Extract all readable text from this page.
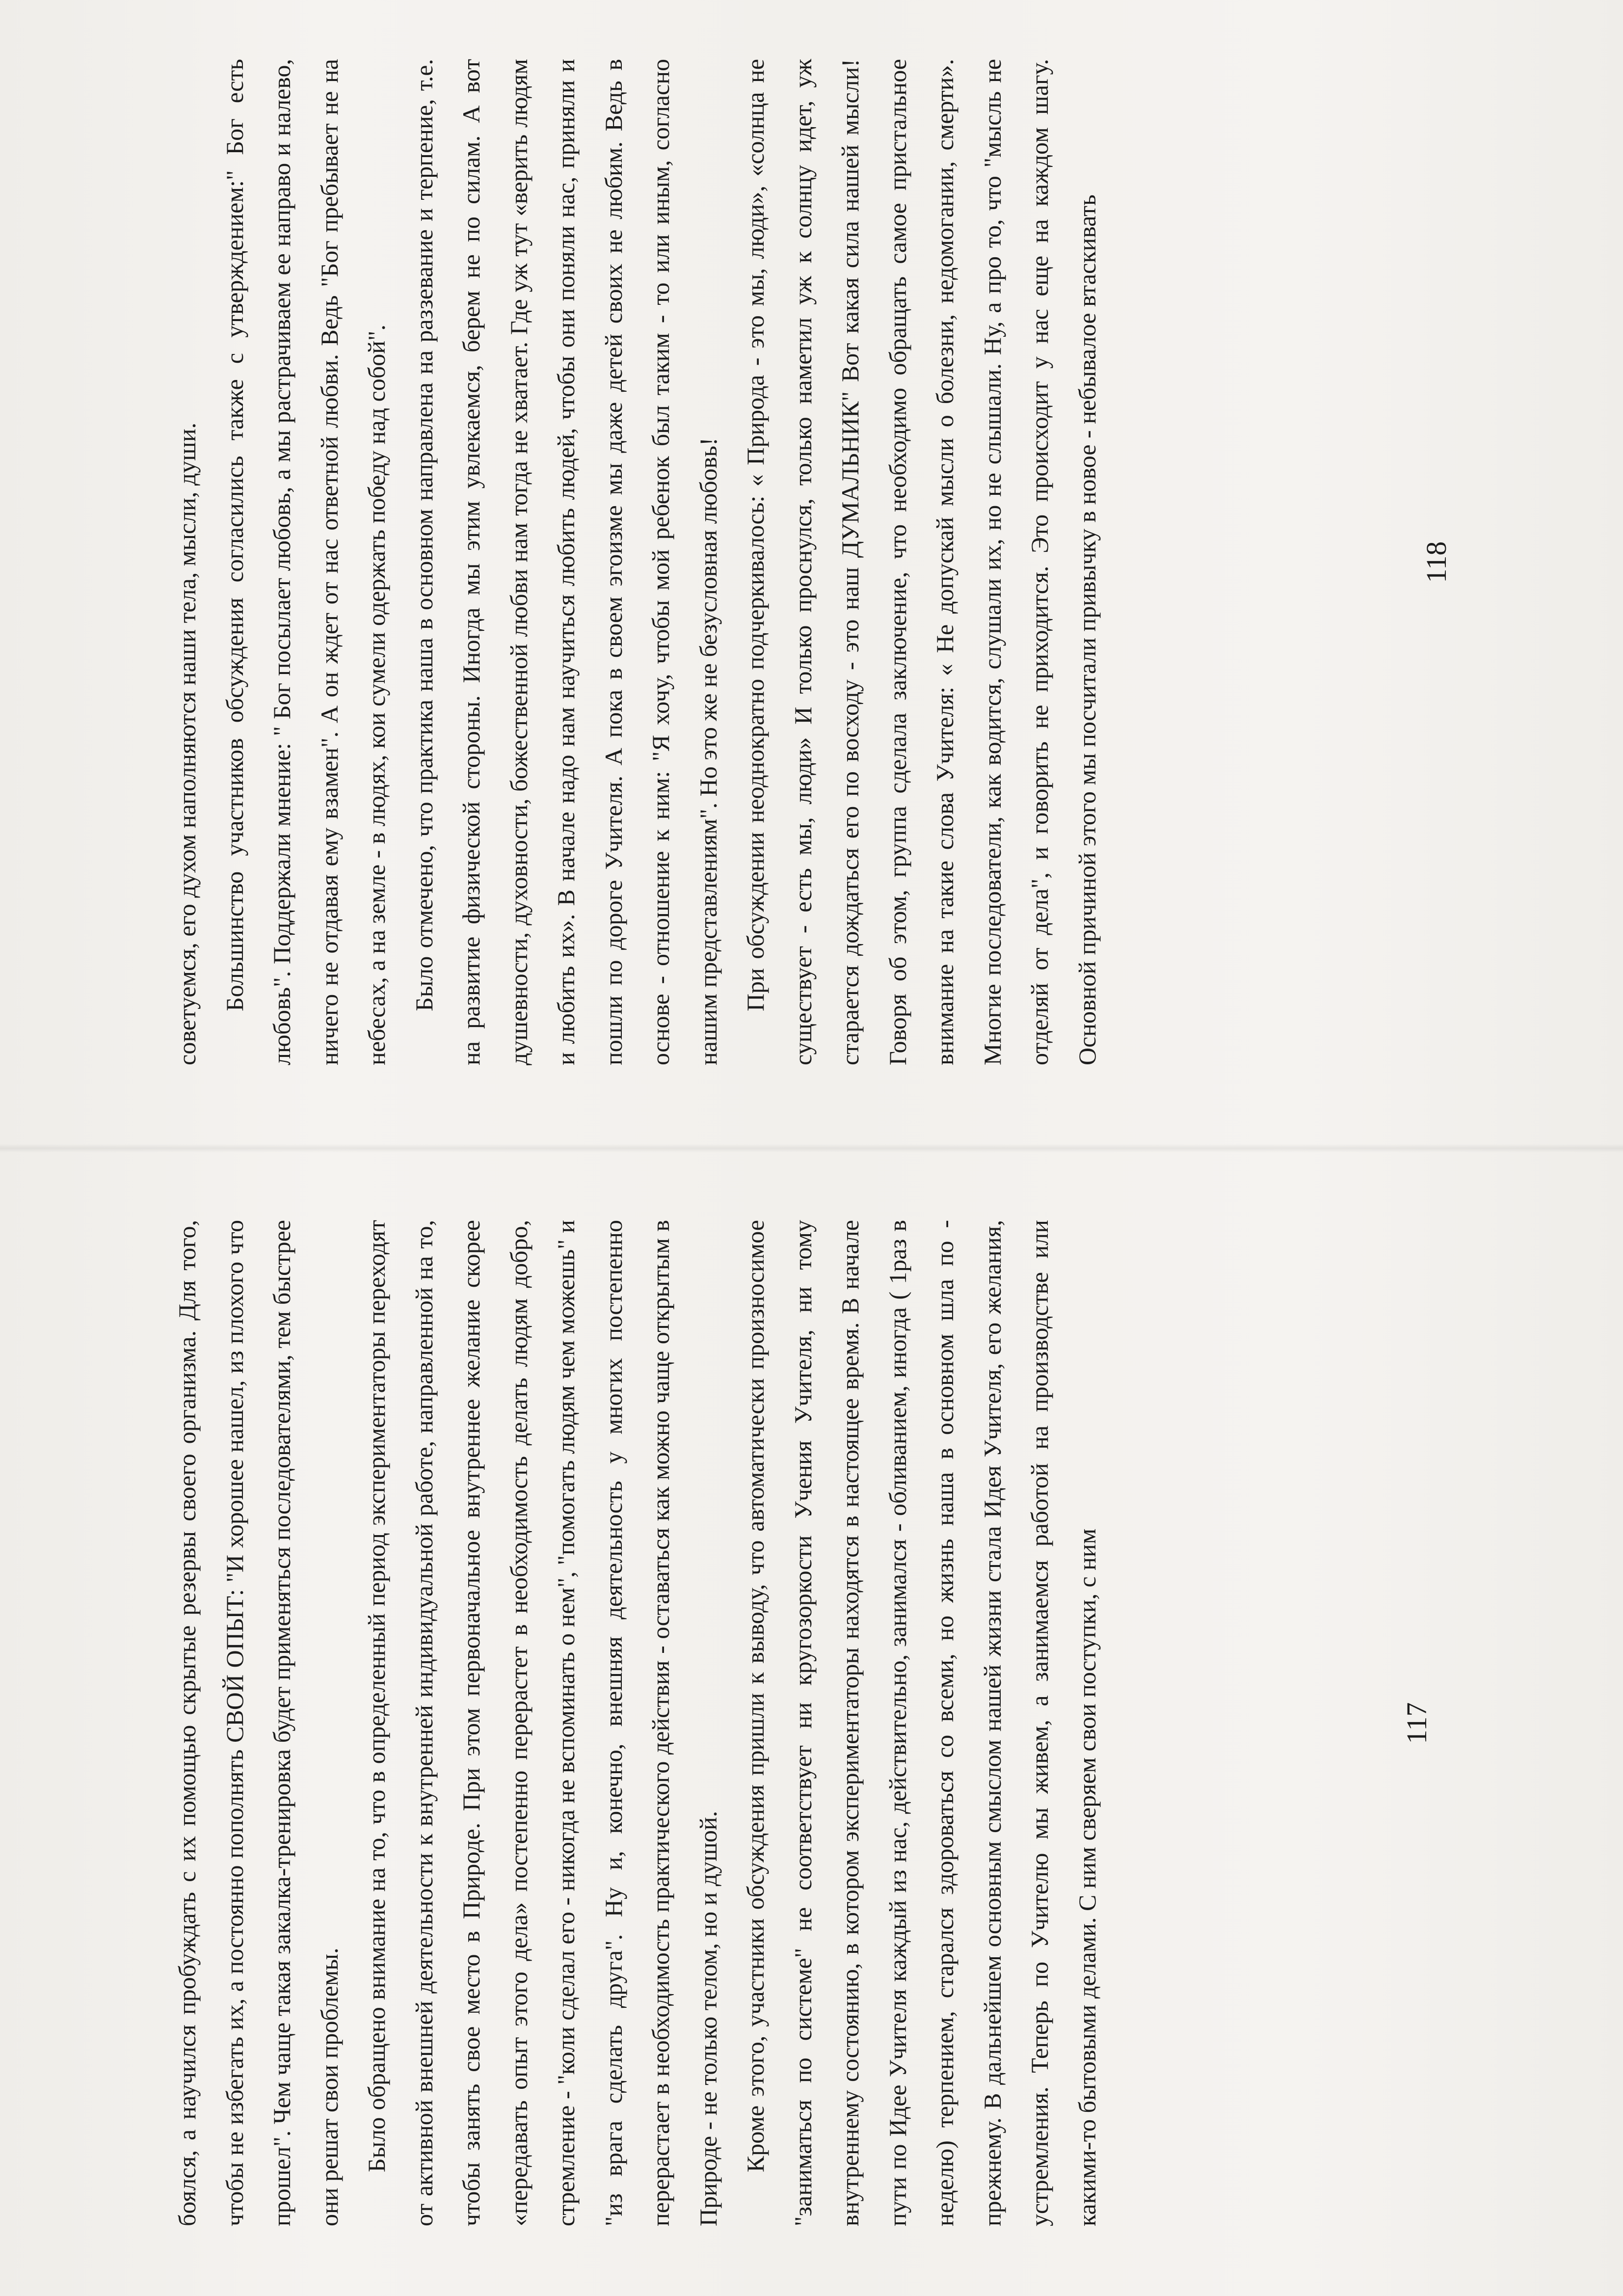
советуемся, его духом наполняются наши тела, мысли, души. Большинство участников обсуждения согласились также с утверждением:" Бог есть любовь". Поддержали мнение: " Бог посылает любовь, а мы растрачиваем ее направо и налево, ничего не отдавая ему взамен". А он ждет от нас ответной любви. Ведь "Бог пребывает не на небесах, а на земле - в людях, кои сумели одержать победу над собой". Было отмечено, что практика наша в основном направлена на раззевание и терпение, т.е. на развитие физической стороны. Иногда мы этим увлекаемся, берем не по силам. А вот душевности, духовности, божественной любви нам тогда не хватает. Где уж тут «верить людям и любить их». В начале надо нам научиться любить людей, чтобы они поняли нас, приняли и пошли по дороге Учителя. А пока в своем эгоизме мы даже детей своих не любим. Ведь в основе - отношение к ним: "Я хочу, чтобы мой ребенок был таким - то или иным, согласно нашим представлениям". Но это же не безусловная любовь! При обсуждении неоднократно подчеркивалось: « Природа - это мы, люди», «солнца не существует - есть мы, люди» И только проснулся, только наметил уж к солнцу идет, уж старается дождаться его по восходу - это наш ДУМАЛЬНИК" Вот какая сила нашей мысли! Говоря об этом, группа сделала заключение, что необходимо обращать самое пристальное внимание на такие слова Учителя: « Не допускай мысли о болезни, недомогании, смерти». Многие последователи, как водится, слушали их, но не слышали. Ну, а про то, что "мысль не отделяй от дела", и говорить не приходится. Это происходит у нас еще на каждом шагу. Основной причиной этого мы посчитали привычку в новое - небывалое втаскивать	118

боялся, а научился пробуждать с их помощью скрытые резервы своего организма. Для того, чтобы не избегать их, а постоянно пополнять СВОЙ ОПЫТ: "И хорошее нашел, из плохого что прошел". Чем чаще такая закалка-тренировка будет применяться последователями, тем быстрее они решат свои проблемы. Было обращено внимание на то, что в определенный период экспериментаторы переходят от активной внешней деятельности к внутренней индивидуальной работе, направленной на то, чтобы занять свое место в Природе. При этом первоначальное внутреннее желание скорее «передавать опыт этого дела» постепенно перерастет в необходимость делать людям добро, стремление - "коли сделал его - никогда не вспоминать о нем", "помогать людям чем можешь" и "из врага сделать друга". Ну и, конечно, внешняя деятельность у многих постепенно перерастает в необходимость практического действия - оставаться как можно чаще открытым в Природе - не только телом, но и душой. Кроме этого, участники обсуждения пришли к выводу, что автоматически произносимое "заниматься по системе" не соответствует ни кругозоркости Учения Учителя, ни тому внутреннему состоянию, в котором экспериментаторы находятся в настоящее время. В начале пути по Идее Учителя каждый из нас, действительно, занимался - обливанием, иногда ( 1раз в неделю) терпением, старался здороваться со всеми, но жизнь наша в основном шла по - прежнему. В дальнейшем основным смыслом нашей жизни стала Идея Учителя, его желания, устремления. Теперь по Учителю мы живем, а занимаемся работой на производстве или какими-то бытовыми делами. С ним сверяем свои поступки, с ним	117
